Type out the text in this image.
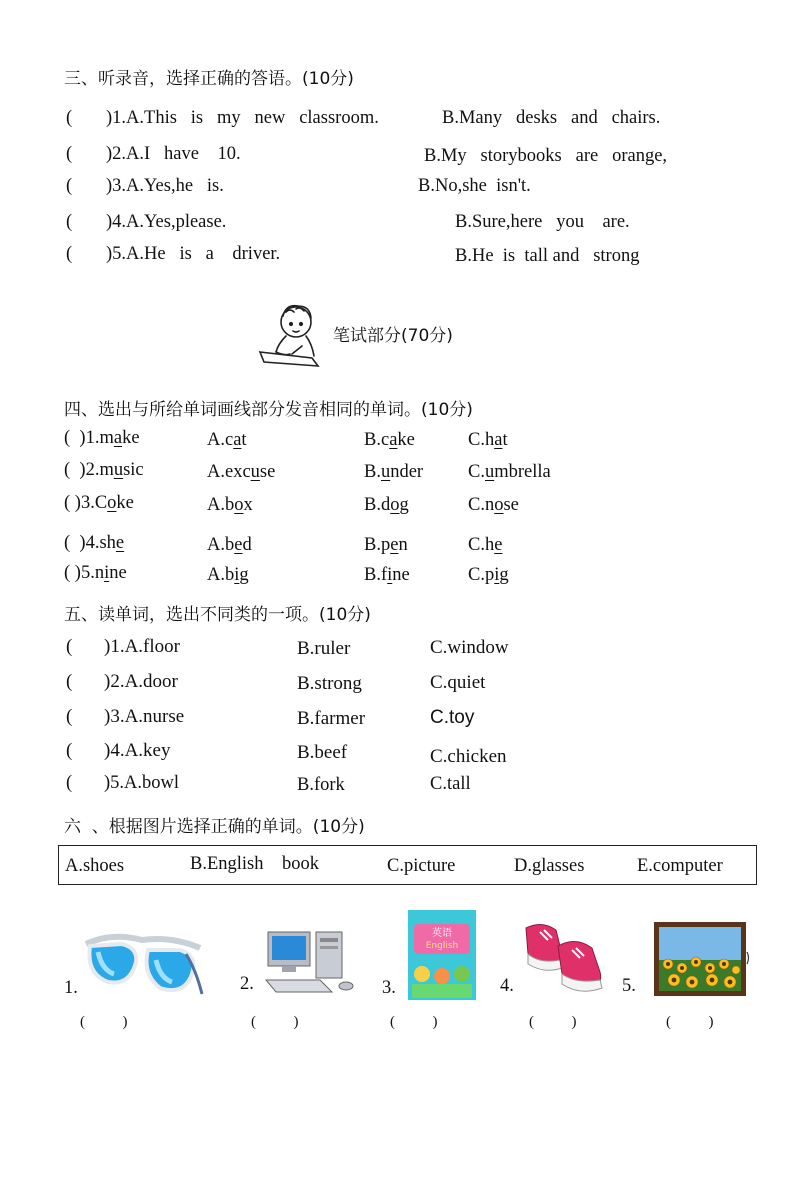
三、听录音，选择正确的答语。(10分)
( )1.A.This   is   my   new   classroom.	B.Many   desks   and   chairs.
( )2.A.I   have    10.	B.My   storybooks   are   orange,
( )3.A.Yes,he   is.	B.No,she  isn't.
( )4.A.Yes,please.	B.Sure,here   you    are.
( )5.A.He   is   a    driver.	B.He  is  tall and   strong
笔试部分(70分)
四、选出与所给单词画线部分发音相同的单词。(10分)
(  )1.make	A.cat	B.cake	C.hat
(  )2.music	A.excuse	B.under C.umbrella
( )3.Coke	A.box	B.dog	C.nose
(  )4.she	A.bed	B.pen	C.he
( )5.nine	A.big	B.fine	C.pig
五、读单词，选出不同类的一项。(10分)
( )1.A.floor	B.ruler	C.window
( )2.A.door	B.strong	C.quiet
( )3.A.nurse	B.farmer	C.toy
( )4.A.key	B.beef	C.chicken
( )5.A.bowl	B.fork	C.tall
六  、根据图片选择正确的单词。(10分)
A.shoes	B.English    book	C.picture	D.glasses	E.computer
1.	2.	3.	4.	5.
英语
English
(          )	(          )	(          )	(          )	(          )
